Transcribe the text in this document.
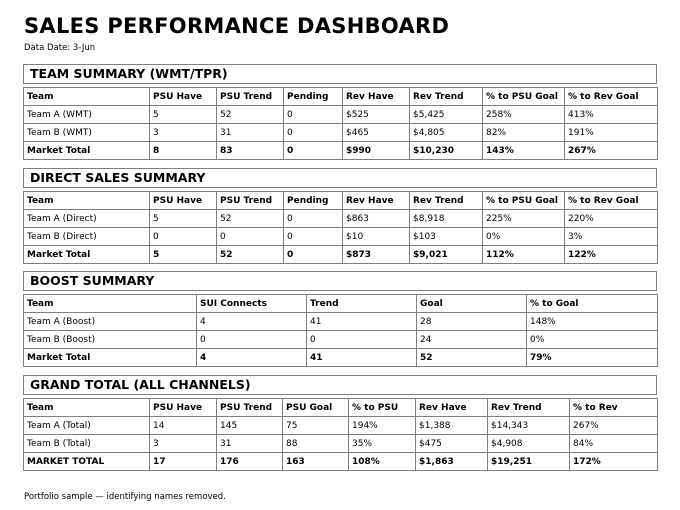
SALES PERFORMANCE DASHBOARD
Data Date: 3-Jun
TEAM SUMMARY (WMT/TPR)
Team	PSU Have	PSU Trend	Pending	Rev Have	Rev Trend	% to PSU Goal	% to Rev Goal
Team A (WMT)	5	52	0	$525	$5,425	258%	413%
Team B (WMT)	3	31	0	$465	$4,805	82%	191%
Market Total	8	83	0	$990	$10,230	143%	267%
DIRECT SALES SUMMARY
Team	PSU Have	PSU Trend	Pending	Rev Have	Rev Trend	% to PSU Goal	% to Rev Goal
Team A (Direct)	5	52	0	$863	$8,918	225%	220%
Team B (Direct)	0	0	0	$10	$103	0%	3%
Market Total	5	52	0	$873	$9,021	112%	122%
BOOST SUMMARY
Team	SUI Connects	Trend	Goal	% to Goal
Team A (Boost)	4	41	28	148%
Team B (Boost)	0	0	24	0%
Market Total	4	41	52	79%
GRAND TOTAL (ALL CHANNELS)
Team	PSU Have	PSU Trend	PSU Goal	% to PSU	Rev Have	Rev Trend	% to Rev
Team A (Total)	14	145	75	194%	$1,388	$14,343	267%
Team B (Total)	3	31	88	35%	$475	$4,908	84%
MARKET TOTAL	17	176	163	108%	$1,863	$19,251	172%
Portfolio sample — identifying names removed.
